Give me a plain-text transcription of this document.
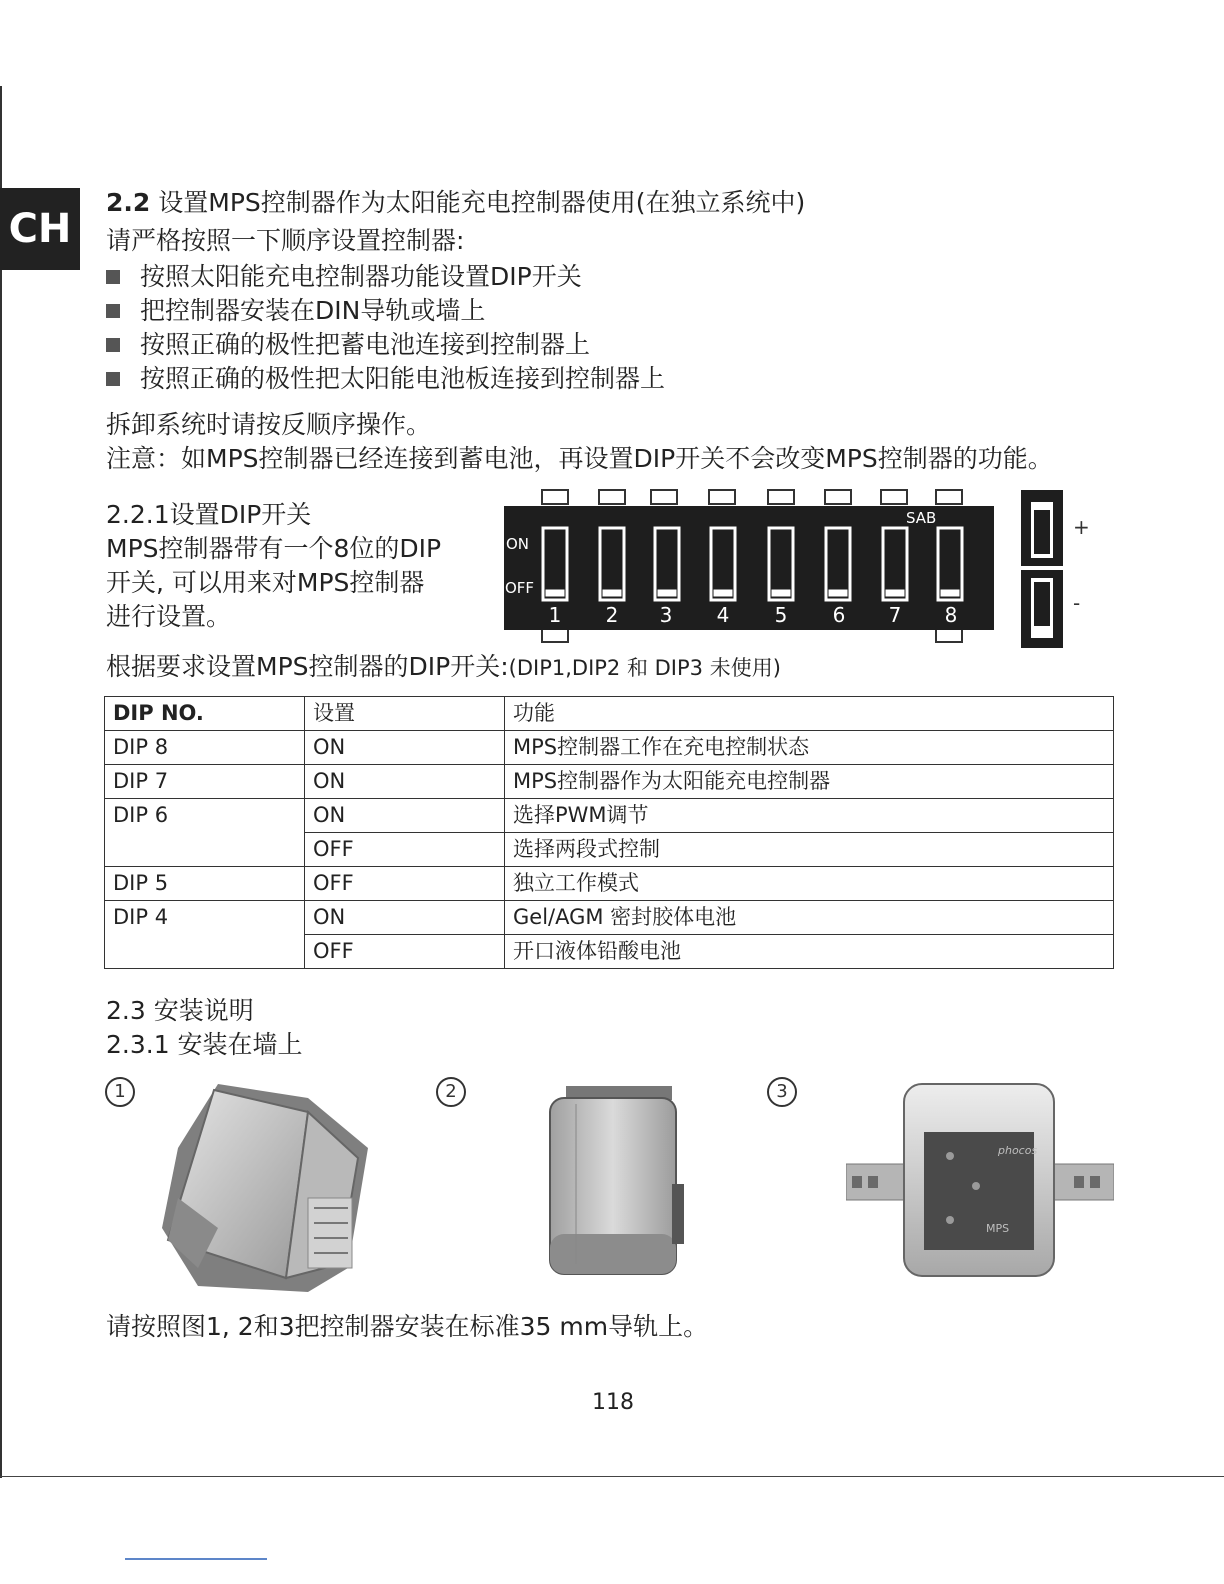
CH
2.2 设置MPS控制器作为太阳能充电控制器使用(在独立系统中)
请严格按照一下顺序设置控制器:
按照太阳能充电控制器功能设置DIP开关
把控制器安装在DIN导轨或墙上
按照正确的极性把蓄电池连接到控制器上
按照正确的极性把太阳能电池板连接到控制器上
拆卸系统时请按反顺序操作。
注意：如MPS控制器已经连接到蓄电池，再设置DIP开关不会改变MPS控制器的功能。
2.2.1设置DIP开关
MPS控制器带有一个8位的DIP
开关, 可以用来对MPS控制器
进行设置。
ON
OFF
SAB
1 2 3 4 5 6 7 8
+
-
根据要求设置MPS控制器的DIP开关:(DIP1,DIP2 和 DIP3 未使用)
DIP NO.	设置	功能
DIP 8	ON	MPS控制器工作在充电控制状态
DIP 7	ON	MPS控制器作为太阳能充电控制器
DIP 6	ON	选择PWM调节
	OFF	选择两段式控制
DIP 5	OFF	独立工作模式
DIP 4	ON	Gel/AGM 密封胶体电池
	OFF	开口液体铅酸电池
2.3 安装说明
2.3.1 安装在墙上
1	2	3
phocos
MPS
请按照图1, 2和3把控制器安装在标准35 mm导轨上。
118
